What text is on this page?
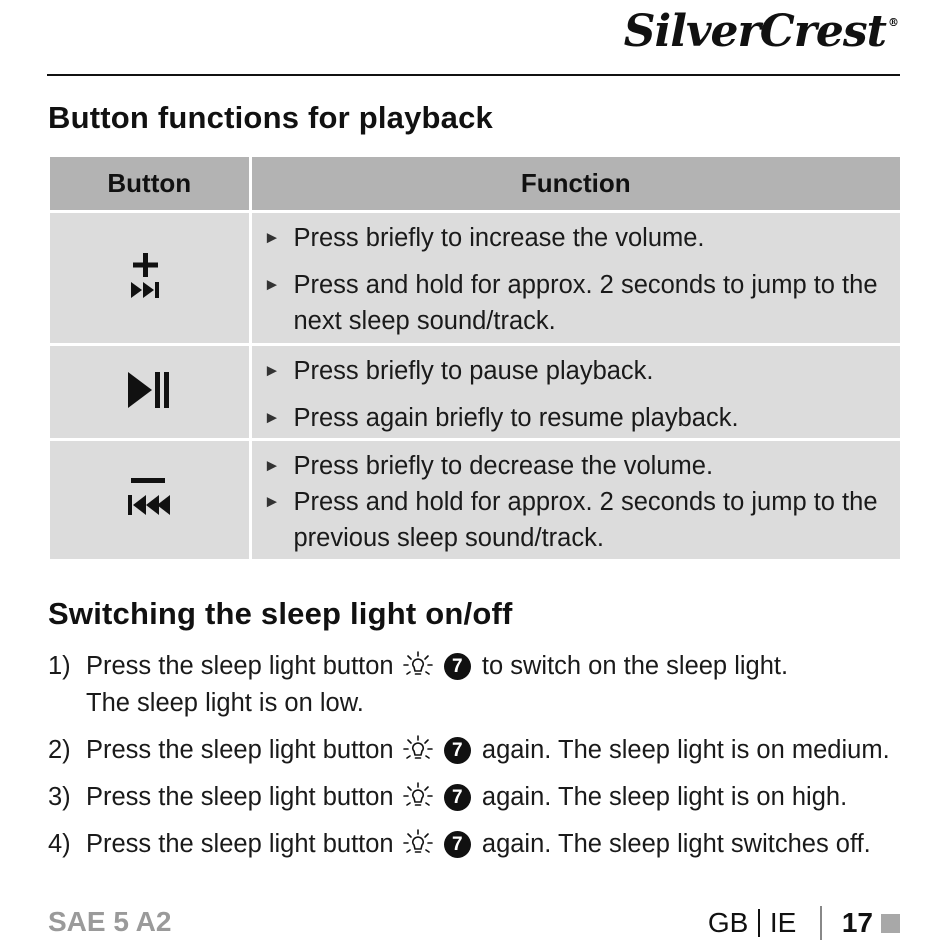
SilverCrest ®
Button functions for playback
Button	Function

► Press briefly to increase the volume.
► Press and hold for approx. 2 seconds to jump to the next sleep sound/track.

► Press briefly to pause playback.
► Press again briefly to resume playback.

► Press briefly to decrease the volume.
► Press and hold for approx. 2 seconds to jump to the previous sleep sound/track.
Switching the sleep light on/off
1) Press the sleep light button	7 to switch on the sleep light.
The sleep light is on low.
2) Press the sleep light button	7 again. The sleep light is on medium.
3) Press the sleep light button	7 again. The sleep light is on high.
4) Press the sleep light button	7 again. The sleep light switches off.
SAE 5 A2	GB IE 17
